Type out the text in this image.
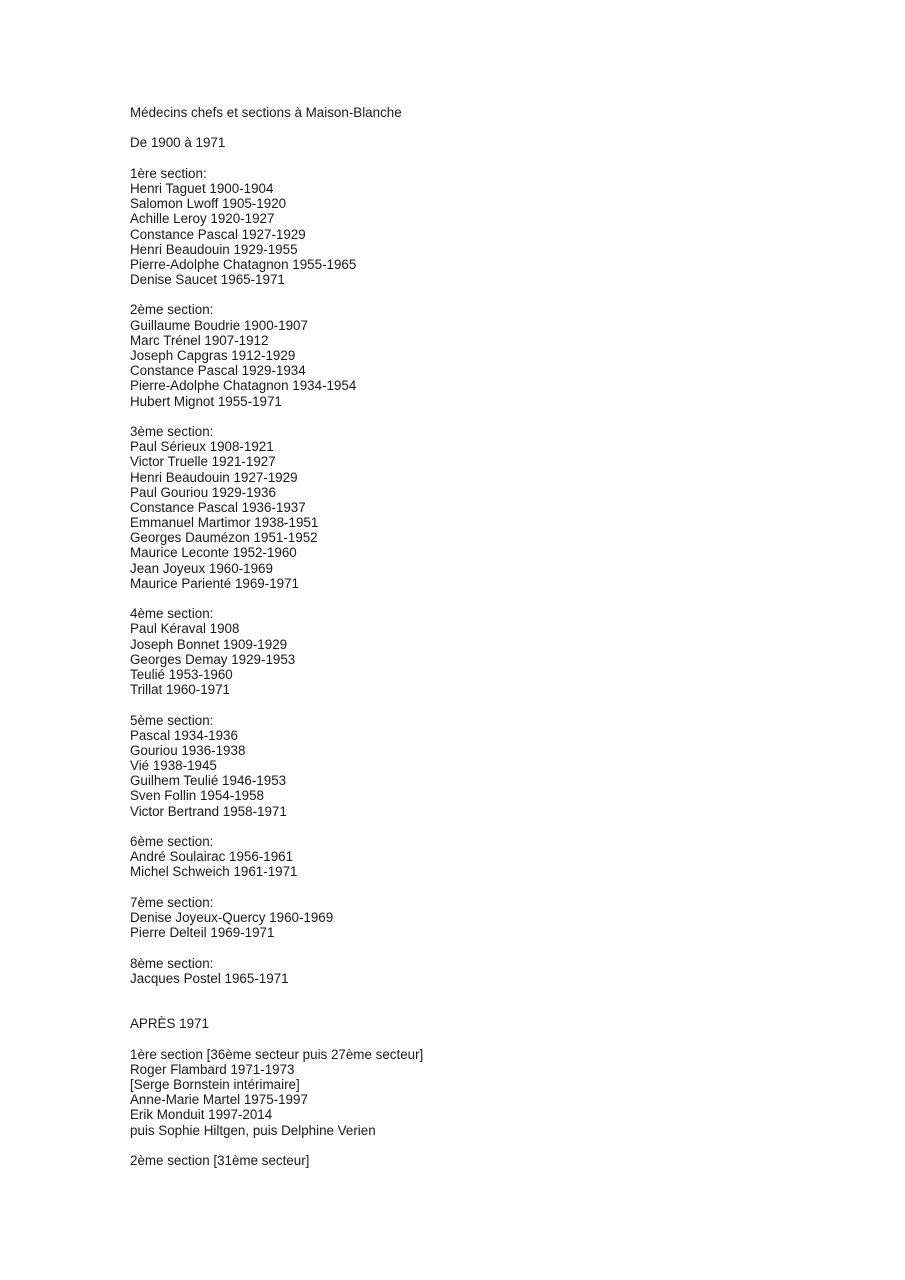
Médecins chefs et sections à Maison-Blanche
De 1900 à 1971
1ère section:
Henri Taguet 1900-1904
Salomon Lwoff 1905-1920
Achille Leroy 1920-1927
Constance Pascal 1927-1929
Henri Beaudouin 1929-1955
Pierre-Adolphe Chatagnon 1955-1965
Denise Saucet 1965-1971
2ème section:
Guillaume Boudrie 1900-1907
Marc Trénel 1907-1912
Joseph Capgras 1912-1929
Constance Pascal 1929-1934
Pierre-Adolphe Chatagnon 1934-1954
Hubert Mignot 1955-1971
3ème section:
Paul Sérieux 1908-1921
Victor Truelle 1921-1927
Henri Beaudouin 1927-1929
Paul Gouriou 1929-1936
Constance Pascal 1936-1937
Emmanuel Martimor 1938-1951
Georges Daumézon 1951-1952
Maurice Leconte 1952-1960
Jean Joyeux 1960-1969
Maurice Parienté 1969-1971
4ème section:
Paul Kéraval 1908
Joseph Bonnet 1909-1929
Georges Demay 1929-1953
Teulié 1953-1960
Trillat 1960-1971
5ème section:
Pascal 1934-1936
Gouriou 1936-1938
Vié 1938-1945
Guilhem Teulié 1946-1953
Sven Follin 1954-1958
Victor Bertrand 1958-1971
6ème section:
André Soulairac 1956-1961
Michel Schweich 1961-1971
7ème section:
Denise Joyeux-Quercy 1960-1969
Pierre Delteil 1969-1971
8ème section:
Jacques Postel 1965-1971
APRÈS 1971
1ère section [36ème secteur puis 27ème secteur]
Roger Flambard 1971-1973
[Serge Bornstein intérimaire]
Anne-Marie Martel 1975-1997
Erik Monduit 1997-2014
puis Sophie Hiltgen, puis Delphine Verien
2ème section [31ème secteur]
